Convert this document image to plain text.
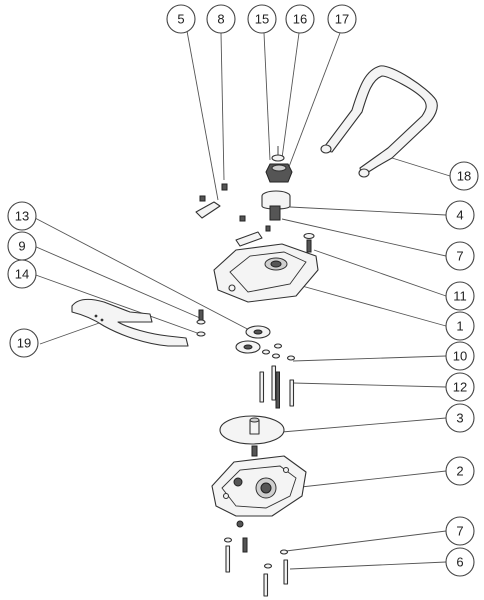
5	8 15 16 17
18
4
7
11
1
13
9
14
19
10
12
3
2
7
6
